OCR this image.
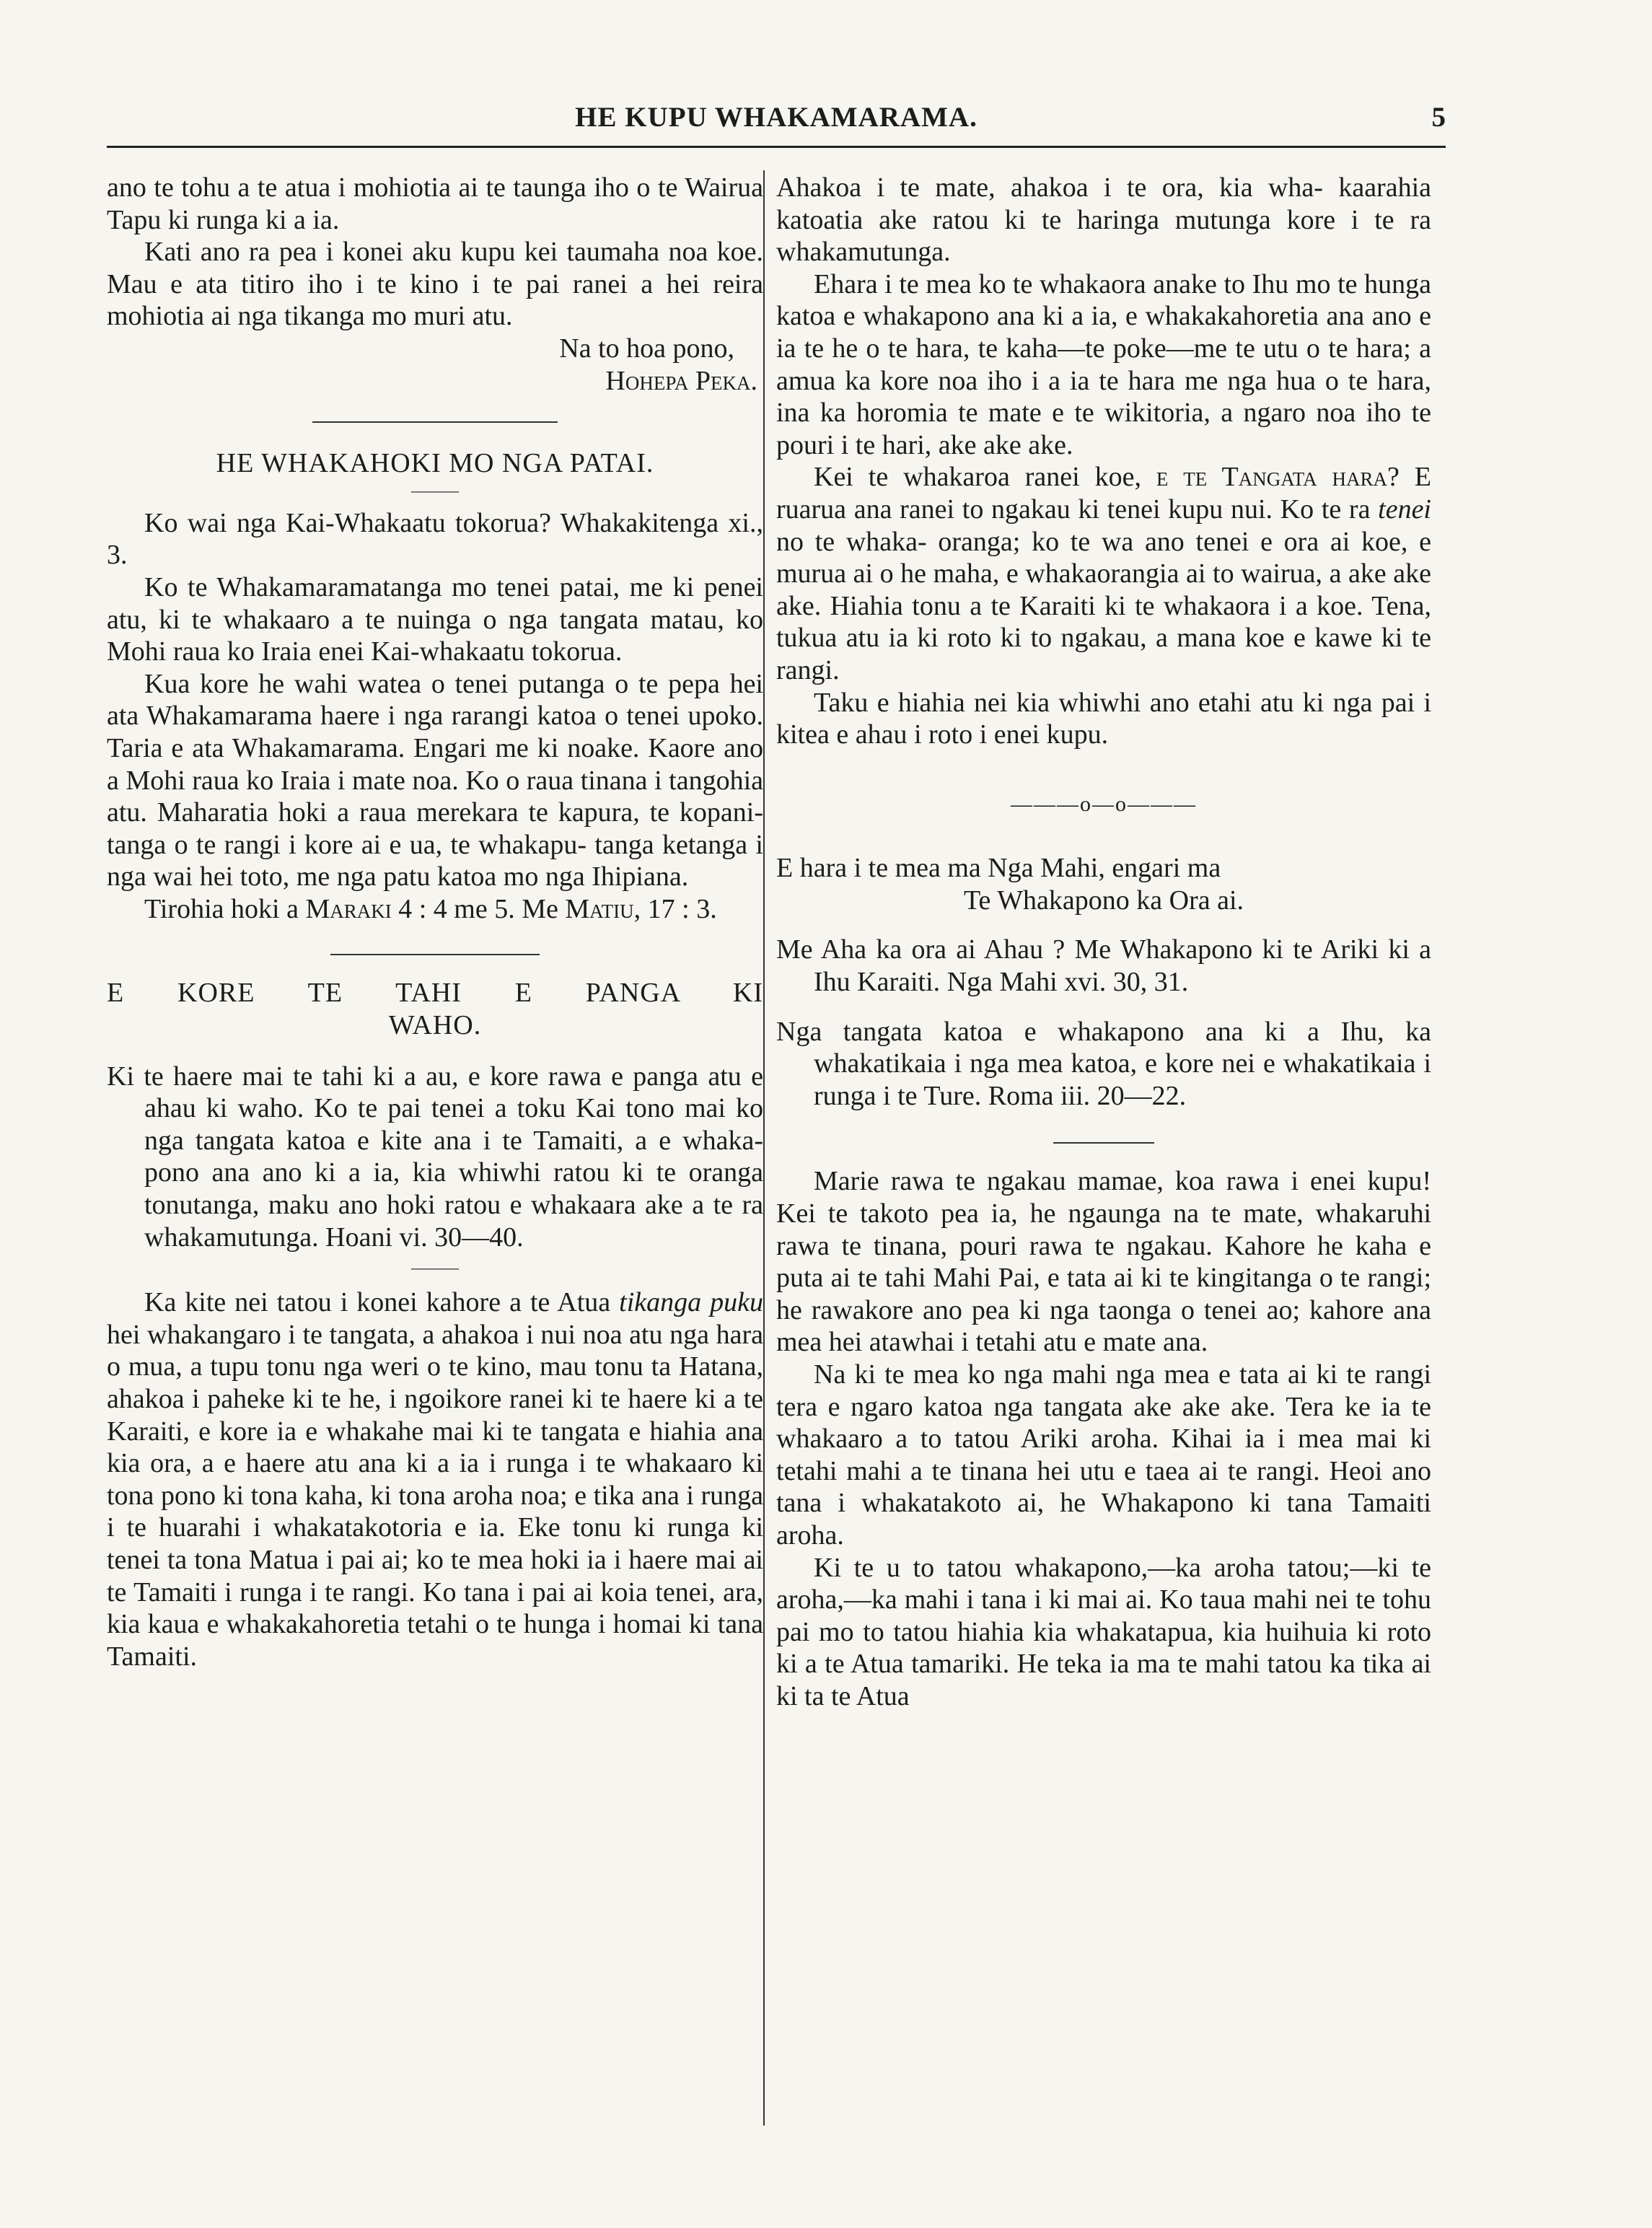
HE KUPU WHAKAMARAMA.	5

ano te tohu a te atua i mohiotia ai te taunga iho o te Wairua Tapu ki runga ki a ia.

Kati ano ra pea i konei aku kupu kei taumaha noa koe. Mau e ata titiro iho i te kino i te pai ranei a hei reira mohiotia ai nga tikanga mo muri atu.

Na to hoa pono,

Hohepa Peka.

HE WHAKAHOKI MO NGA PATAI.

———

Ko wai nga Kai-Whakaatu tokorua? Whakakitenga xi., 3.

Ko te Whakamaramatanga mo tenei patai, me ki penei atu, ki te whakaaro a te nuinga o nga tangata matau, ko Mohi raua ko Iraia enei Kai-whakaatu tokorua.

Kua kore he wahi watea o tenei putanga o te pepa hei ata Whakamarama haere i nga rarangi katoa o tenei upoko. Taria e ata Whakamarama. Engari me ki noake. Kaore ano a Mohi raua ko Iraia i mate noa. Ko o raua tinana i tangohia atu. Maharatia hoki a raua merekara te kapura, te kopani- tanga o te rangi i kore ai e ua, te whakapu- tanga ketanga i nga wai hei toto, me nga patu katoa mo nga Ihipiana.

Tirohia hoki a Maraki 4 : 4 me 5. Me Matiu, 17 : 3.

E KORE TE TAHI E PANGA KI
WAHO.

Ki te haere mai te tahi ki a au, e kore rawa e panga atu e ahau ki waho. Ko te pai tenei a toku Kai tono mai ko nga tangata katoa e kite ana i te Tamaiti, a e whaka- pono ana ano ki a ia, kia whiwhi ratou ki te oranga tonutanga, maku ano hoki ratou e whakaara ake a te ra whakamutunga. Hoani vi. 30—40.

———

Ka kite nei tatou i konei kahore a te Atua tikanga puku hei whakangaro i te tangata, a ahakoa i nui noa atu nga hara o mua, a tupu tonu nga weri o te kino, mau tonu ta Hatana, ahakoa i paheke ki te he, i ngoikore ranei ki te haere ki a te Karaiti, e kore ia e whakahe mai ki te tangata e hiahia ana kia ora, a e haere atu ana ki a ia i runga i te whakaaro ki tona pono ki tona kaha, ki tona aroha noa; e tika ana i runga i te huarahi i whakatakotoria e ia. Eke tonu ki runga ki tenei ta tona Matua i pai ai; ko te mea hoki ia i haere mai ai te Tamaiti i runga i te rangi. Ko tana i pai ai koia tenei, ara, kia kaua e whakakahoretia tetahi o te hunga i homai ki tana Tamaiti.

Ahakoa i te mate, ahakoa i te ora, kia wha- kaarahia katoatia ake ratou ki te haringa mutunga kore i te ra whakamutunga.

Ehara i te mea ko te whakaora anake to Ihu mo te hunga katoa e whakapono ana ki a ia, e whakakahoretia ana ano e ia te he o te hara, te kaha—te poke—me te utu o te hara; a amua ka kore noa iho i a ia te hara me nga hua o te hara, ina ka horomia te mate e te wikitoria, a ngaro noa iho te pouri i te hari, ake ake ake.

Kei te whakaroa ranei koe, e te Tangata hara? E ruarua ana ranei to ngakau ki tenei kupu nui. Ko te ra tenei no te whaka- oranga; ko te wa ano tenei e ora ai koe, e murua ai o he maha, e whakaorangia ai to wairua, a ake ake ake. Hiahia tonu a te Karaiti ki te whakaora i a koe. Tena, tukua atu ia ki roto ki to ngakau, a mana koe e kawe ki te rangi.

Taku e hiahia nei kia whiwhi ano etahi atu ki nga pai i kitea e ahau i roto i enei kupu.

———o—o———

E hara i te mea ma Nga Mahi, engari ma

Te Whakapono ka Ora ai.

Me Aha ka ora ai Ahau ? Me Whakapono ki te Ariki ki a Ihu Karaiti. Nga Mahi xvi. 30, 31.

Nga tangata katoa e whakapono ana ki a Ihu, ka whakatikaia i nga mea katoa, e kore nei e whakatikaia i runga i te Ture. Roma iii. 20—22.

Marie rawa te ngakau mamae, koa rawa i enei kupu! Kei te takoto pea ia, he ngaunga na te mate, whakaruhi rawa te tinana, pouri rawa te ngakau. Kahore he kaha e puta ai te tahi Mahi Pai, e tata ai ki te kingitanga o te rangi; he rawakore ano pea ki nga taonga o tenei ao; kahore ana mea hei atawhai i tetahi atu e mate ana.

Na ki te mea ko nga mahi nga mea e tata ai ki te rangi tera e ngaro katoa nga tangata ake ake ake. Tera ke ia te whakaaro a to tatou Ariki aroha. Kihai ia i mea mai ki tetahi mahi a te tinana hei utu e taea ai te rangi. Heoi ano tana i whakatakoto ai, he Whakapono ki tana Tamaiti aroha.

Ki te u to tatou whakapono,—ka aroha tatou;—ki te aroha,—ka mahi i tana i ki mai ai. Ko taua mahi nei te tohu pai mo to tatou hiahia kia whakatapua, kia huihuia ki roto ki a te Atua tamariki. He teka ia ma te mahi tatou ka tika ai ki ta te Atua
